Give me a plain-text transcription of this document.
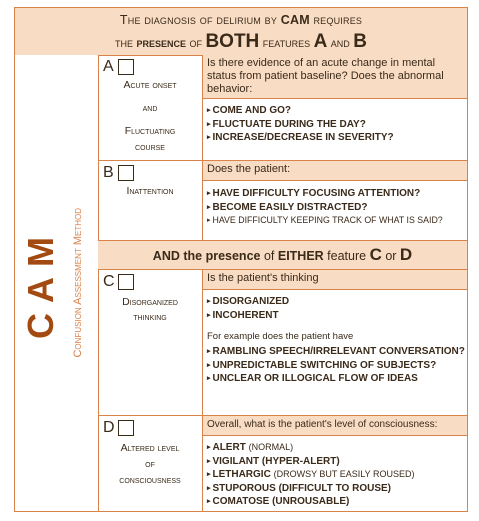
The diagnosis of delirium by CAM requires
the presence of BOTH features A and B
CAM Confusion Assessment Method
A
Acute onset
and
Fluctuating
course
Is there evidence of an acute change in mental status from patient baseline? Does the abnormal behavior:
▸ COME AND GO?
▸ FLUCTUATE DURING THE DAY?
▸ INCREASE/DECREASE IN SEVERITY?
B
Inattention
Does the patient:
▸ HAVE DIFFICULTY FOCUSING ATTENTION?
▸ BECOME EASILY DISTRACTED?
▸ HAVE DIFFICULTY KEEPING TRACK OF WHAT IS SAID?
AND the presence of EITHER feature C or D
C
Disorganized
thinking
Is the patient's thinking
▸ DISORGANIZED
▸ INCOHERENT
For example does the patient have
▸ RAMBLING SPEECH/IRRELEVANT CONVERSATION?
▸ UNPREDICTABLE SWITCHING OF SUBJECTS?
▸ UNCLEAR OR ILLOGICAL FLOW OF IDEAS
D
Altered level
of
consciousness
Overall, what is the patient's level of consciousness:
▸ ALERT (NORMAL)
▸ VIGILANT (HYPER-ALERT)
▸ LETHARGIC (DROWSY BUT EASILY ROUSED)
▸ STUPOROUS (DIFFICULT TO ROUSE)
▸ COMATOSE (UNROUSABLE)
